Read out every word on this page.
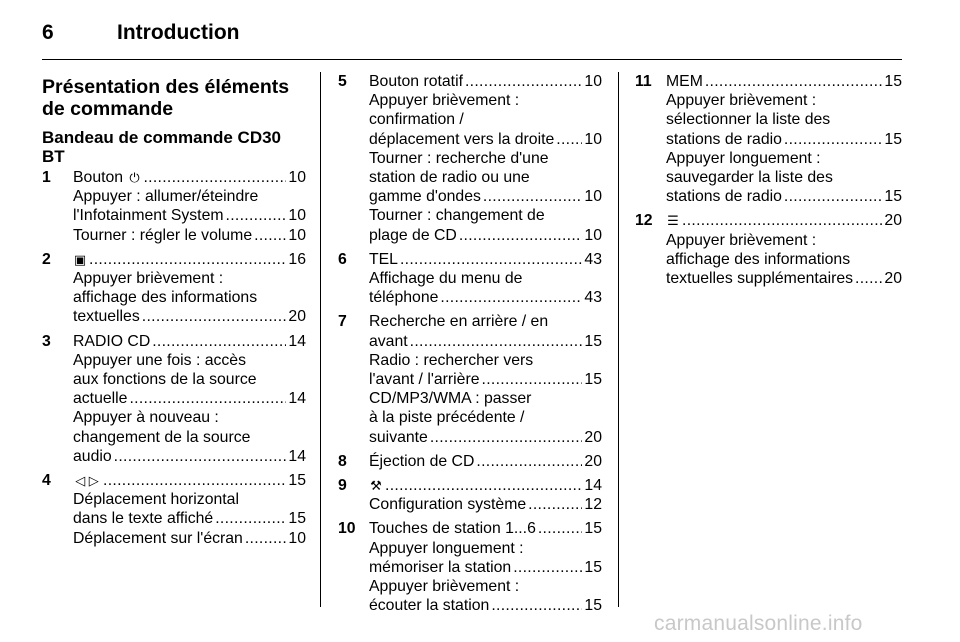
6	Introduction
Présentation des éléments de commande
Bandeau de commande CD30 BT
1 Bouton ⏻ .....	10
Appuyer : allumer/éteindre
l'Infotainment System .....	10
Tourner : régler le volume ..... 10
2 ▣ .....	16
Appuyer brièvement :
affichage des informations
textuelles .....	20
3 RADIO CD .....	14
Appuyer une fois : accès
aux fonctions de la source
actuelle .....	14
Appuyer à nouveau :
changement de la source
audio .....	14
4 ◁ ▷ .....	15
Déplacement horizontal
dans le texte affiché .....	15
Déplacement sur l'écran .....	10
5 Bouton rotatif .....	10
Appuyer brièvement :
confirmation /
déplacement vers la droite ..... 10
Tourner : recherche d'une
station de radio ou une
gamme d'ondes .....	10
Tourner : changement de
plage de CD .....	10
6 TEL .....	43
Affichage du menu de
téléphone .....	43
7 Recherche en arrière / en
avant .....	15
Radio : rechercher vers
l'avant / l'arrière .....	15
CD/MP3/WMA : passer
à la piste précédente /
suivante .....	20
8 Éjection de CD .....	20
9 ⚒ .....	14
Configuration système .....	12
10 Touches de station 1...6 .....	15
Appuyer longuement :
mémoriser la station .....	15
Appuyer brièvement :
écouter la station .....	15
11 MEM .....	15
Appuyer brièvement :
sélectionner la liste des
stations de radio .....	15
Appuyer longuement :
sauvegarder la liste des
stations de radio .....	15
12 ☰ .....	20
Appuyer brièvement :
affichage des informations
textuelles supplémentaires ..... 20
carmanualsonline.info
